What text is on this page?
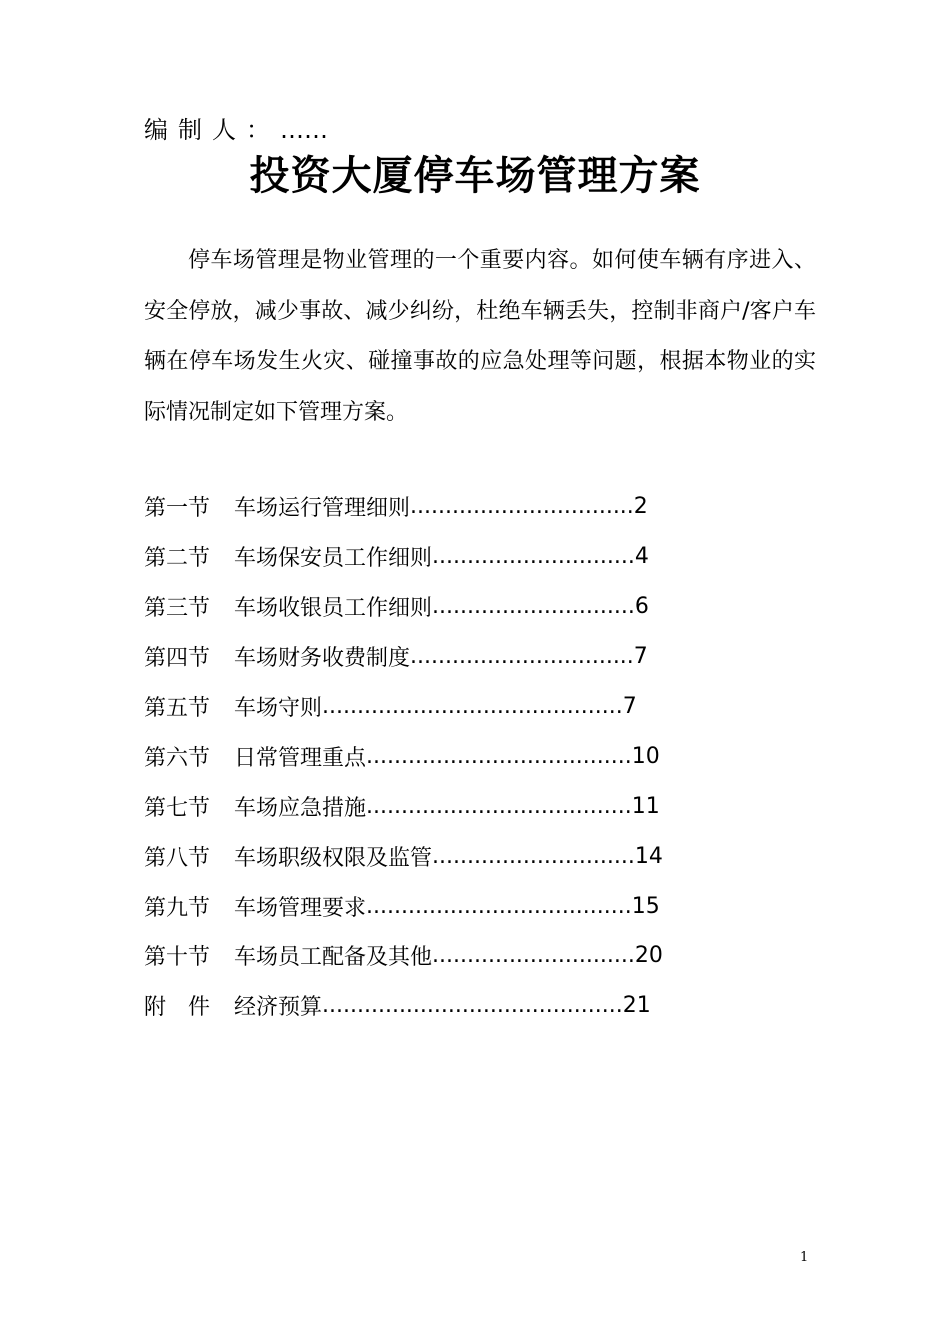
编制人：……
投资大厦停车场管理方案

停车场管理是物业管理的一个重要内容。如何使车辆有序进入、安全停放，减少事故、减少纠纷，杜绝车辆丢失，控制非商户/客户车辆在停车场发生火灾、碰撞事故的应急处理等问题，根据本物业的实际情况制定如下管理方案。

第一节	车场运行管理细则 ................................ 2
第二节	车场保安员工作细则 ............................. 4
第三节	车场收银员工作细则 ............................. 6
第四节	车场财务收费制度 ................................ 7
第五节	车场守则 ........................................... 7
第六节	日常管理重点 ...................................... 10
第七节	车场应急措施 ...................................... 11
第八节	车场职级权限及监管 ............................. 14
第九节	车场管理要求 ...................................... 15
第十节	车场员工配备及其他 ............................. 20
附件 经济预算 ........................................... 21
1
